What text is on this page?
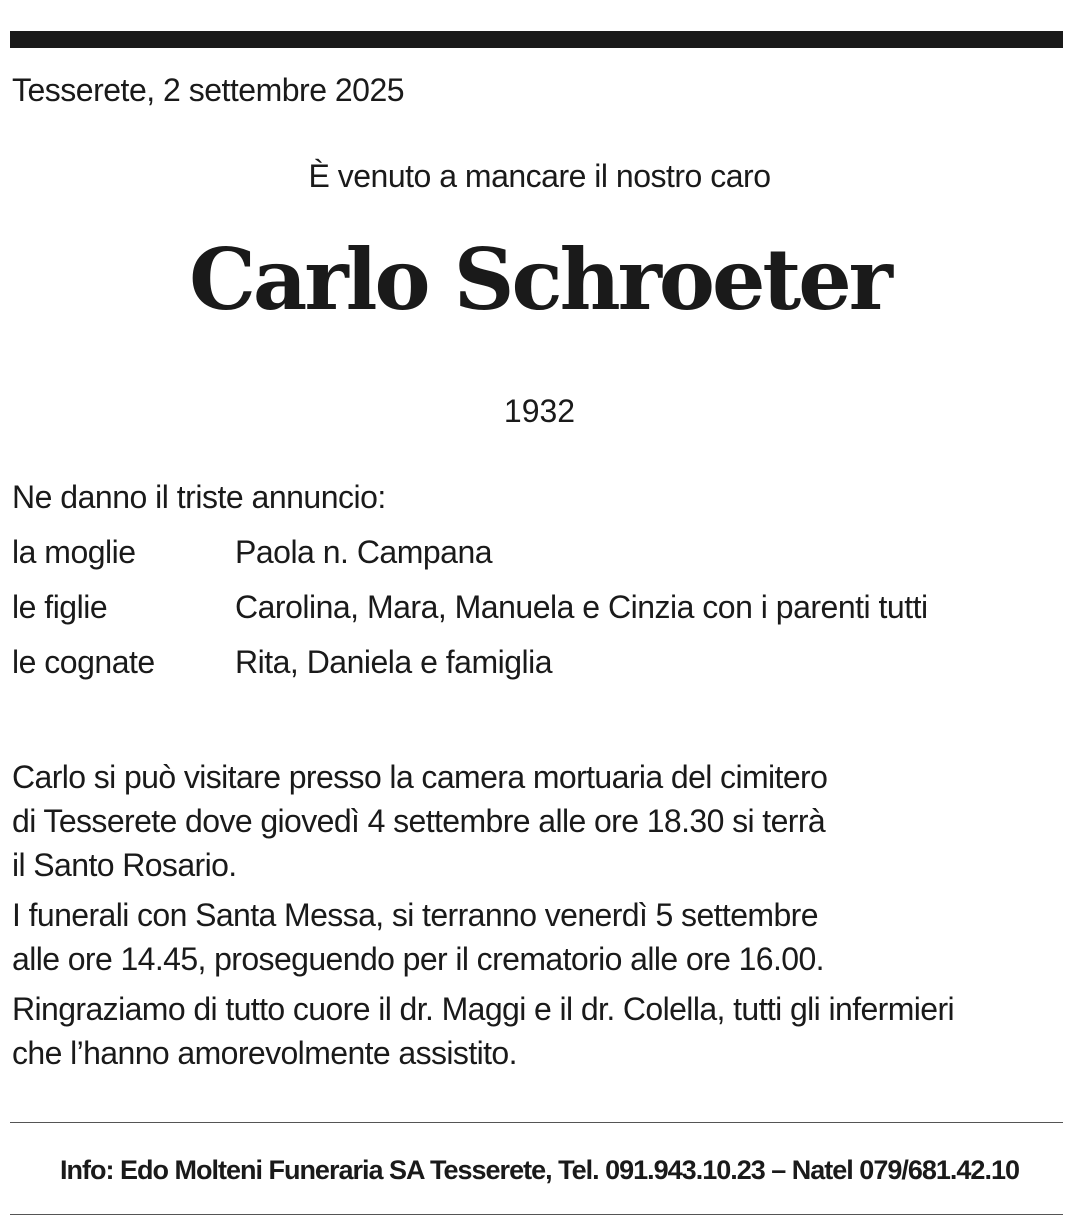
Tesserete, 2 settembre 2025
È venuto a mancare il nostro caro
Carlo Schroeter
1932
Ne danno il triste annuncio:
la moglie	Paola n. Campana
le figlie	Carolina, Mara, Manuela e Cinzia con i parenti tutti
le cognate	Rita, Daniela e famiglia

Carlo si può visitare presso la camera mortuaria del cimitero
di Tesserete dove giovedì 4 settembre alle ore 18.30 si terrà
il Santo Rosario.

I funerali con Santa Messa, si terranno venerdì 5 settembre
alle ore 14.45, proseguendo per il crematorio alle ore 16.00.

Ringraziamo di tutto cuore il dr. Maggi e il dr. Colella, tutti gli infermieri
che l’hanno amorevolmente assistito.

Info: Edo Molteni Funeraria SA Tesserete, Tel. 091.943.10.23 – Natel 079/681.42.10
